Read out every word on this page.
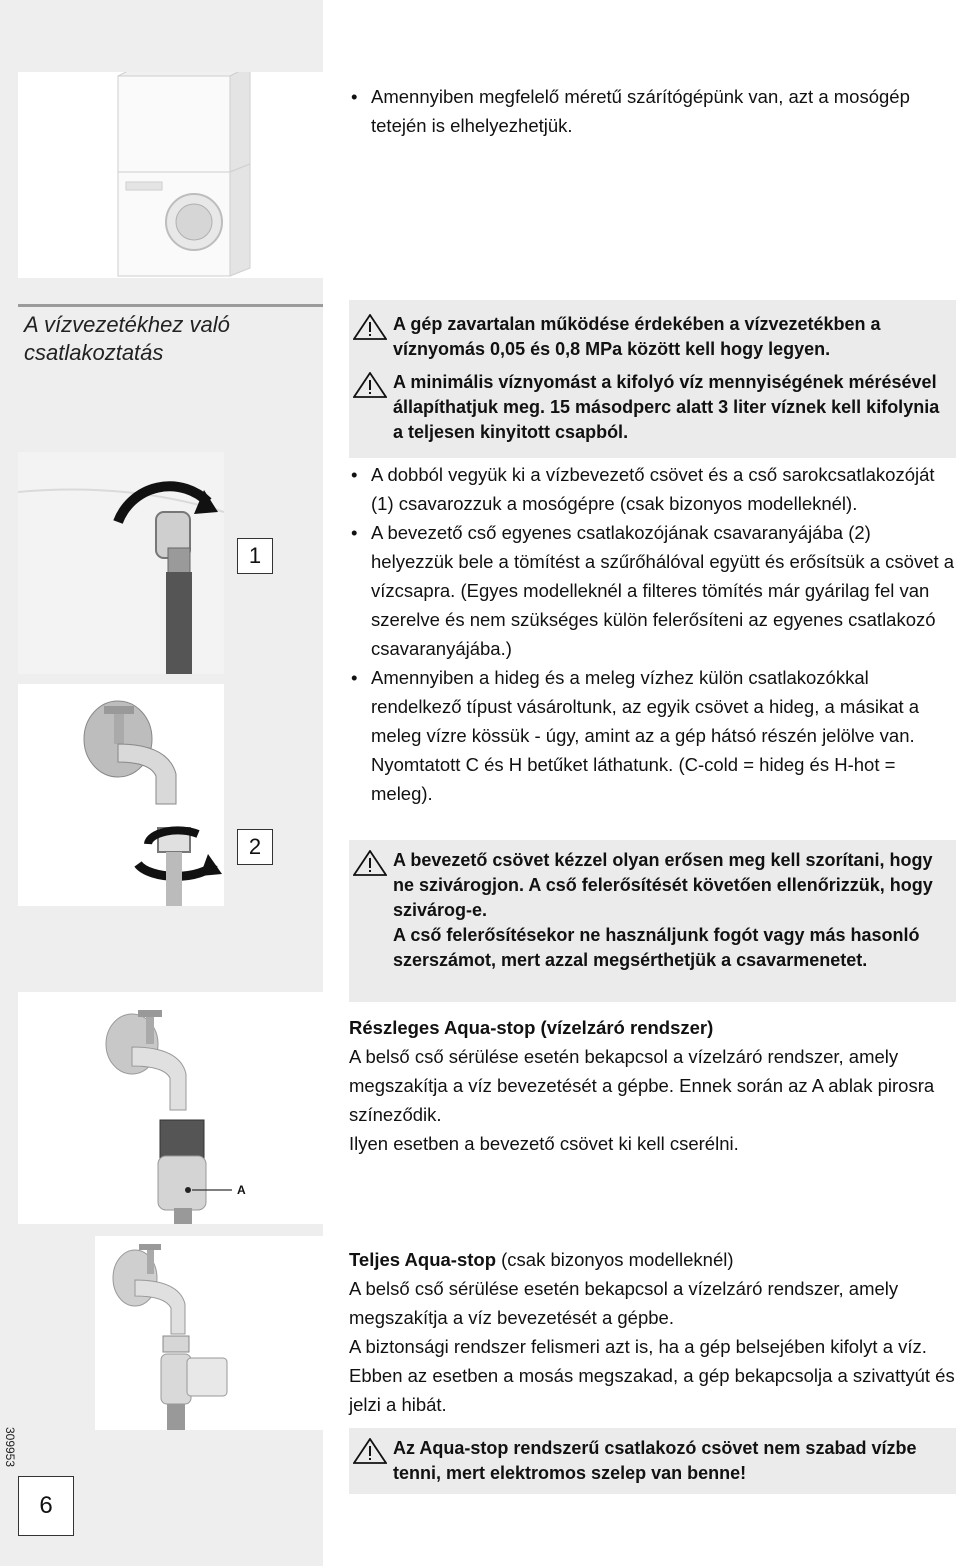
A vízvezetékhez való
csatlakoztatás
1
2
A
309953
6

• Amennyiben megfelelő méretű szárítógépünk van, azt a mosógép tetején is elhelyezhetjük.

A gép zavartalan működése érdekében a vízvezetékben a víznyomás 0,05 és 0,8 MPa között kell hogy legyen.
A minimális víznyomást a kifolyó víz mennyiségének mérésével állapíthatjuk meg. 15 másodperc alatt 3 liter víznek kell kifolynia a teljesen kinyitott csapból.

• A dobból vegyük ki a vízbevezető csövet és a cső sarokcsatlakozóját (1) csavarozzuk a mosógépre (csak bizonyos modelleknél).

• A bevezető cső egyenes csatlakozójának csavaranyájába (2) helyezzük bele a tömítést a szűrőhálóval együtt és erősítsük a csövet a vízcsapra. (Egyes modelleknél a filteres tömítés már gyárilag fel van szerelve és nem szükséges külön felerősíteni az egyenes csatlakozó csavaranyájába.)

• Amennyiben a hideg és a meleg vízhez külön csatlakozókkal rendelkező típust vásároltunk, az egyik csövet a hideg, a másikat a meleg vízre kössük - úgy, amint az a gép hátsó részén jelölve van. Nyomtatott C és H betűket láthatunk. (C-cold = hideg és H-hot = meleg).

A bevezető csövet kézzel olyan erősen meg kell szorítani, hogy ne szivárogjon. A cső felerősítését követően ellenőrizzük, hogy szivárog-e.
A cső felerősítésekor ne használjunk fogót vagy más hasonló szerszámot, mert azzal megsérthetjük a csavarmenetet.

Részleges Aqua-stop (vízelzáró rendszer)

A belső cső sérülése esetén bekapcsol a vízelzáró rendszer, amely megszakítja a víz bevezetését a gépbe. Ennek során az A ablak pirosra színeződik.

Ilyen esetben a bevezető csövet ki kell cserélni.

Teljes Aqua-stop (csak bizonyos modelleknél)

A belső cső sérülése esetén bekapcsol a vízelzáró rendszer, amely megszakítja a víz bevezetését a gépbe.

A biztonsági rendszer felismeri azt is, ha a gép belsejében kifolyt a víz. Ebben az esetben a mosás megszakad, a gép bekapcsolja a szivattyút és jelzi a hibát.

Az Aqua-stop rendszerű csatlakozó csövet nem szabad vízbe tenni, mert elektromos szelep van benne!
